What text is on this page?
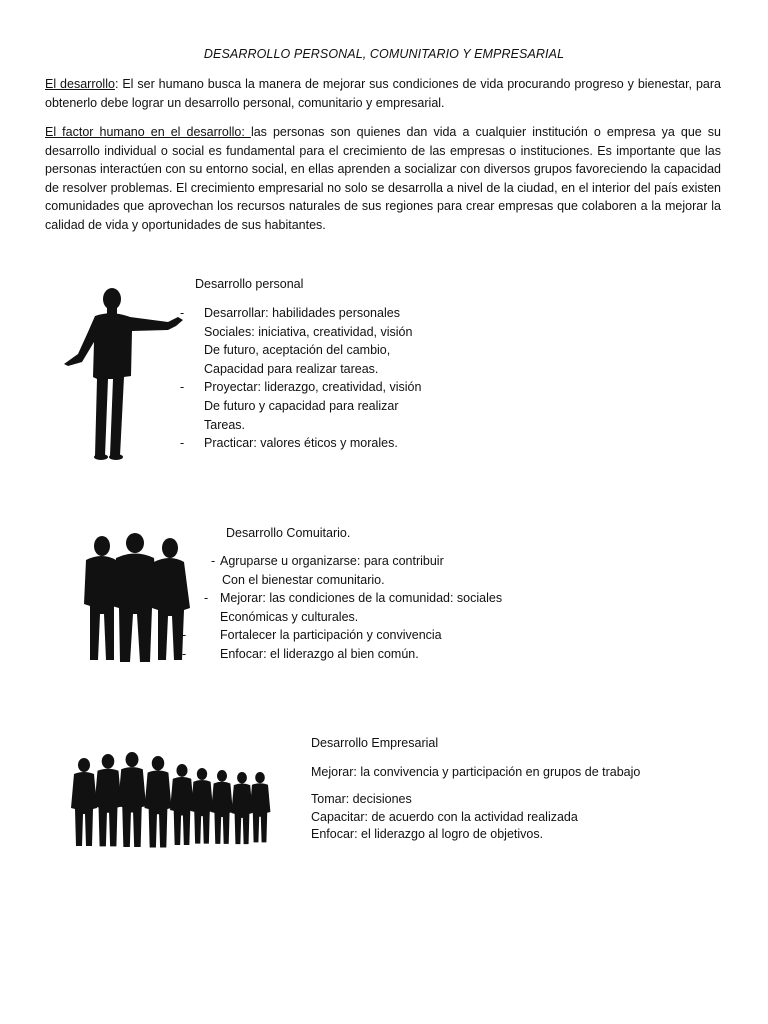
DESARROLLO PERSONAL, COMUNITARIO Y EMPRESARIAL
El desarrollo: El ser humano busca la manera de mejorar sus condiciones de vida procurando progreso y bienestar, para obtenerlo debe lograr un desarrollo personal, comunitario y empresarial.
El factor humano en el desarrollo: las personas son quienes dan vida a cualquier institución o empresa ya que su desarrollo individual o social es fundamental para el crecimiento de las empresas o instituciones. Es importante que las personas interactúen con su entorno social, en ellas aprenden a socializar con diversos grupos favoreciendo la capacidad de resolver problemas. El crecimiento empresarial no solo se desarrolla a nivel de la ciudad, en el interior del país existen comunidades que aprovechan los recursos naturales de sus regiones para crear empresas que colaboren a la mejorar la calidad de vida y oportunidades de sus habitantes.
Desarrollo personal
- Desarrollar: habilidades personales
Sociales: iniciativa, creatividad, visión
De futuro, aceptación del cambio,
Capacidad para realizar tareas.
- Proyectar: liderazgo, creatividad, visión
De futuro y capacidad para realizar
Tareas.
- Practicar: valores éticos y morales.
Desarrollo Comuitario.
- Agruparse u organizarse: para contribuir
Con el bienestar comunitario.
- Mejorar: las condiciones de la comunidad: sociales
Económicas y culturales.
-	Fortalecer la participación y convivencia
-	Enfocar: el liderazgo al bien común.
Desarrollo Empresarial
Mejorar: la convivencia y participación en grupos de trabajo
Tomar: decisiones
Capacitar: de acuerdo con la actividad realizada
Enfocar: el liderazgo al logro de objetivos.
